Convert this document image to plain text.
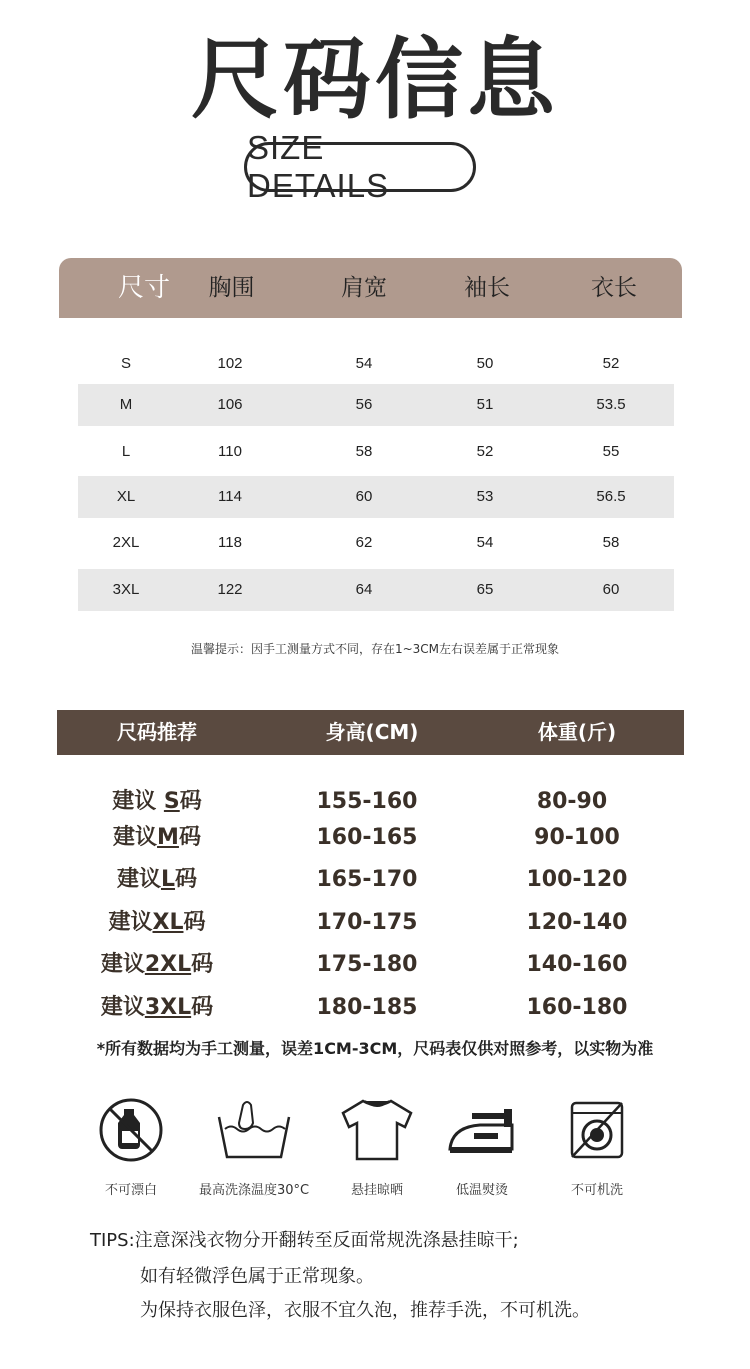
尺码信息
SIZE DETAILS
尺寸	胸围	肩宽	袖长	衣长
S	102	54	50	52
M	106	56	51	53.5
L	110	58	52	55
XL	114	60	53	56.5
2XL	118	62	54	58
3XL	122	64	65	60
温馨提示：因手工测量方式不同，存在1~3CM左右误差属于正常现象
尺码推荐	身高(CM)	体重(斤)
建议 S码	155-160	80-90
建议M码	160-165	90-100
建议L码	165-170	100-120
建议XL码	170-175	120-140
建议2XL码	175-180	140-160
建议3XL码	180-185	160-180
*所有数据均为手工测量，误差1CM-3CM，尺码表仅供对照参考，以实物为准
不可漂白	最高洗涤温度30°C	悬挂晾晒	低温熨烫	不可机洗
TIPS:注意深浅衣物分开翻转至反面常规洗涤悬挂晾干;
如有轻微浮色属于正常现象。
为保持衣服色泽，衣服不宜久泡，推荐手洗，不可机洗。
